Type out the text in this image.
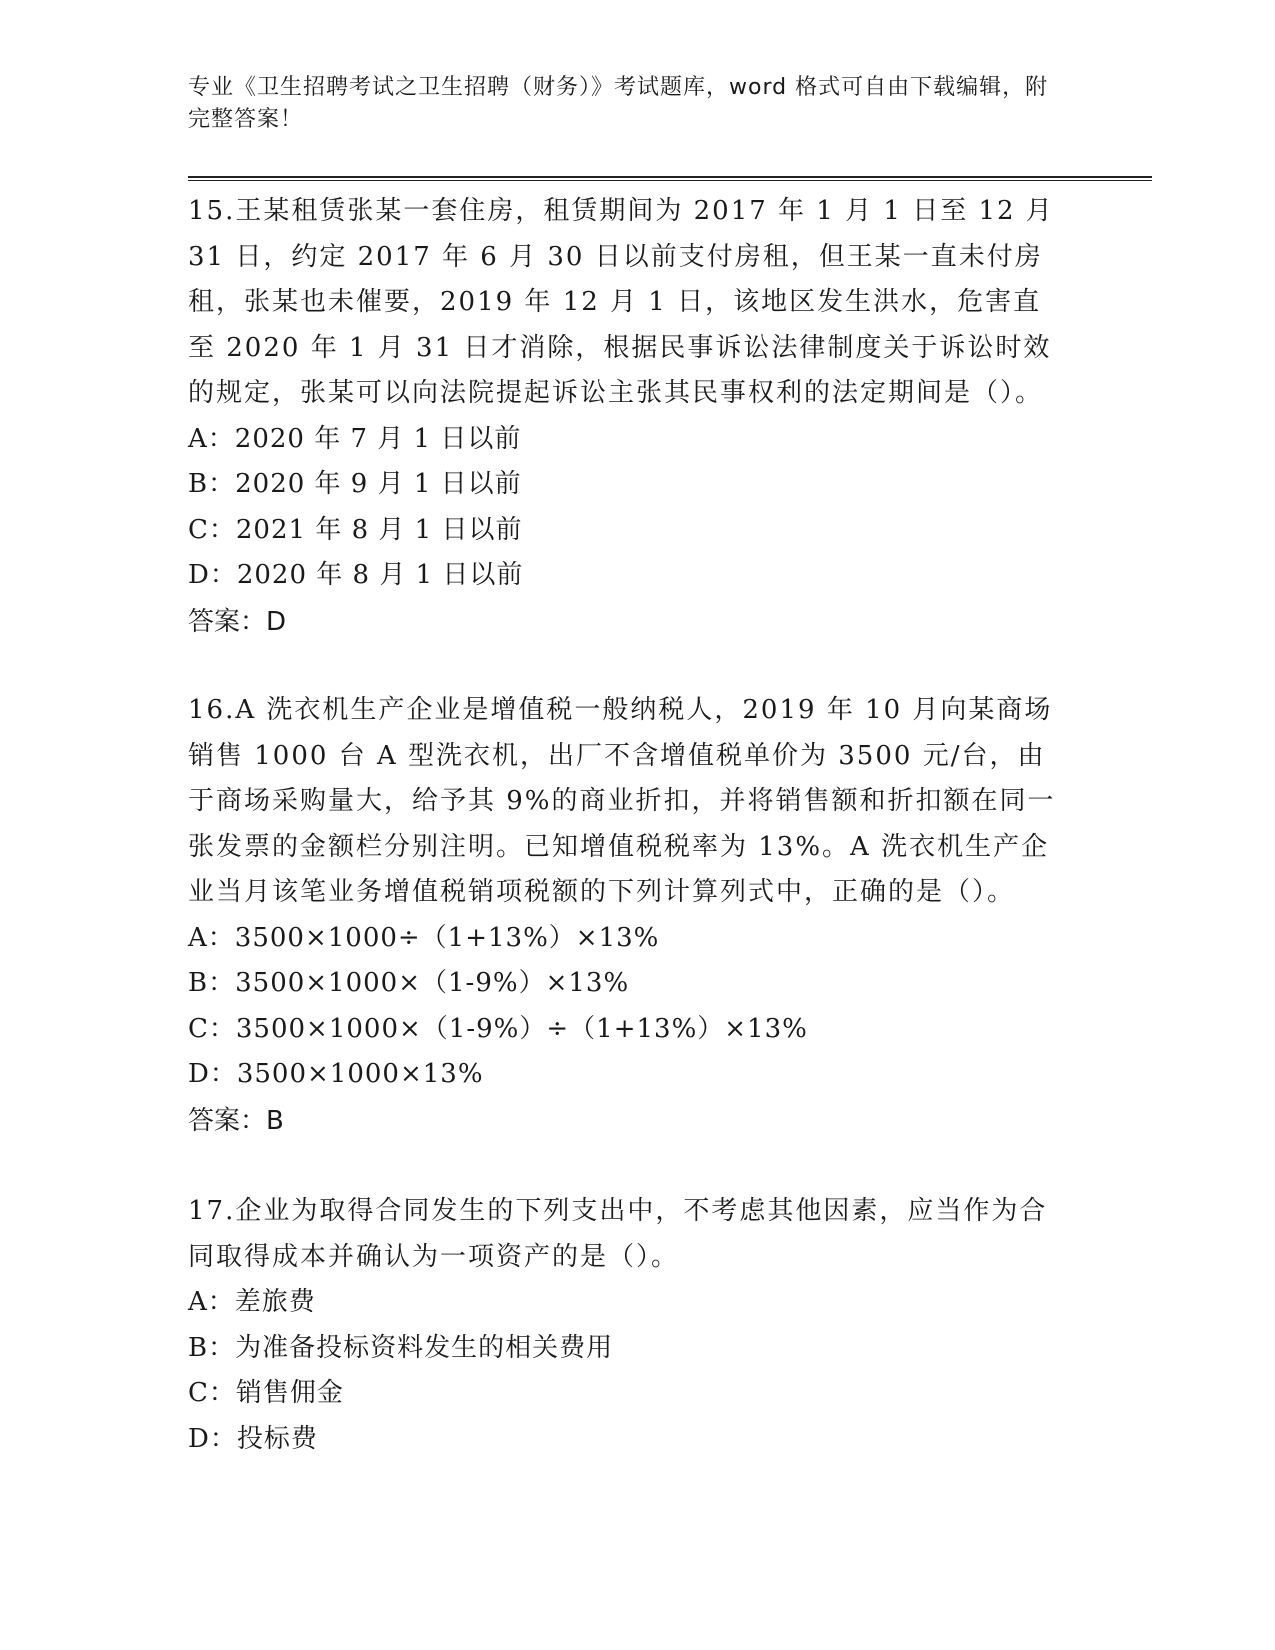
专业《卫生招聘考试之卫生招聘（财务）》考试题库，word 格式可自由下载编辑，附完整答案！

15.王某租赁张某一套住房，租赁期间为 2017 年 1 月 1 日至 12 月 31 日，约定 2017 年 6 月 30 日以前支付房租，但王某一直未付房租，张某也未催要，2019 年 12 月 1 日，该地区发生洪水，危害直至 2020 年 1 月 31 日才消除，根据民事诉讼法律制度关于诉讼时效的规定，张某可以向法院提起诉讼主张其民事权利的法定期间是（）。

A：2020 年 7 月 1 日以前

B：2020 年 9 月 1 日以前

C：2021 年 8 月 1 日以前

D：2020 年 8 月 1 日以前

答案：D

16.A 洗衣机生产企业是增值税一般纳税人，2019 年 10 月向某商场销售 1000 台 A 型洗衣机，出厂不含增值税单价为 3500 元/台，由于商场采购量大，给予其 9%的商业折扣，并将销售额和折扣额在同一张发票的金额栏分别注明。已知增值税税率为 13%。A 洗衣机生产企业当月该笔业务增值税销项税额的下列计算列式中，正确的是（）。

A：3500×1000÷（1+13%）×13%

B：3500×1000×（1-9%）×13%

C：3500×1000×（1-9%）÷（1+13%）×13%

D：3500×1000×13%

答案：B

17.企业为取得合同发生的下列支出中，不考虑其他因素，应当作为合同取得成本并确认为一项资产的是（）。

A：差旅费

B：为准备投标资料发生的相关费用

C：销售佣金

D：投标费
